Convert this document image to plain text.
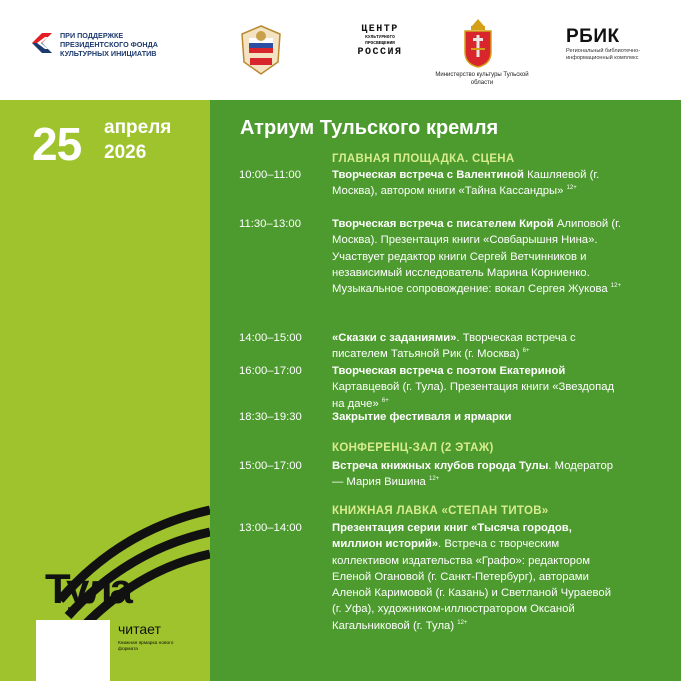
ПРИ ПОДДЕРЖКЕ ПРЕЗИДЕНТСКОГО ФОНДА КУЛЬТУРНЫХ ИНИЦИАТИВ
ЦЕНТР
КУЛЬТУРНОГО ПРОСВЕЩЕНИЯ
РОССИЯ
Министерство культуры Тульской области
РБИК
Региональный библиотечно-информационный комплекс
25 апреля
2026
Тула
читает
Книжная ярмарка нового формата
Атриум Тульского кремля
ГЛАВНАЯ ПЛОЩАДКА. СЦЕНА
10:00–11:00	Творческая встреча с Валентиной Кашляевой (г. Москва), автором книги «Тайна Кассандры» $^{12+}$
11:30–13:00	Творческая встреча с писателем Кирой Алиповой (г. Москва). Презентация книги «Совбарышня Нина». Участвует редактор книги Сергей Ветчинников и независимый исследователь Марина Корниенко. Музыкальное сопровождение: вокал Сергея Жукова $^{12+}$
14:00–15:00	«Сказки с заданиями». Творческая встреча с писателем Татьяной Рик (г. Москва) $^{6+}$
16:00–17:00	Творческая встреча с поэтом Екатериной Картавцевой (г. Тула). Презентация книги «Звездопад на даче» $^{6+}$
18:30–19:30	Закрытие фестиваля и ярмарки
КОНФЕРЕНЦ-ЗАЛ (2 ЭТАЖ)
15:00–17:00	Встреча книжных клубов города Тулы. Модератор — Мария Вишина $^{12+}$
КНИЖНАЯ ЛАВКА «СТЕПАН ТИТОВ»
13:00–14:00	Презентация серии книг «Тысяча городов, миллион историй». Встреча с творческим коллективом издательства «Графо»: редактором Еленой Огановой (г. Санкт-Петербург), авторами Аленой Каримовой (г. Казань) и Светланой Чураевой (г. Уфа), художником-иллюстратором Оксаной Кагальниковой (г. Тула) $^{12+}$
